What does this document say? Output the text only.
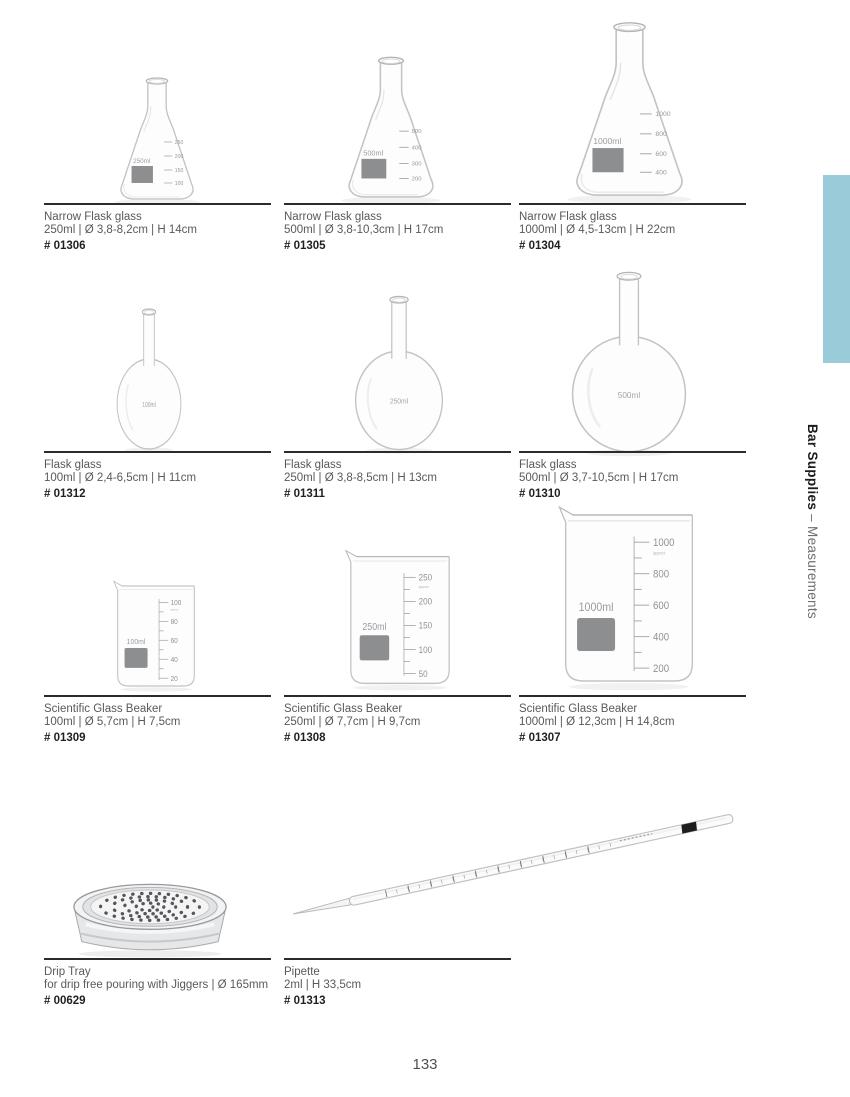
250
200
150
100
250ml
500
400
300
200
500ml
1000
800
600
400
1000ml
100ml
250ml
500ml
100
80
60
40
20
approx
100ml
250
200
150
100
50
approx
250ml
1000
800
600
400
200
approx
1000ml
Narrow Flask glass
250ml | Ø 3,8-8,2cm | H 14cm
# 01306
Narrow Flask glass
500ml | Ø 3,8-10,3cm | H 17cm
# 01305
Narrow Flask glass
1000ml | Ø 4,5-13cm | H 22cm
# 01304
Flask glass
100ml | Ø 2,4-6,5cm | H 11cm
# 01312
Flask glass
250ml | Ø 3,8-8,5cm | H 13cm
# 01311
Flask glass
500ml | Ø 3,7-10,5cm | H 17cm
# 01310
Scientific Glass Beaker
100ml | Ø 5,7cm | H 7,5cm
# 01309
Scientific Glass Beaker
250ml | Ø 7,7cm | H 9,7cm
# 01308
Scientific Glass Beaker
1000ml | Ø 12,3cm | H 14,8cm
# 01307
Drip Tray
for drip free pouring with Jiggers | Ø 165mm
# 00629
Pipette
2ml | H 33,5cm
# 01313
Bar Supplies – Measurements
133
